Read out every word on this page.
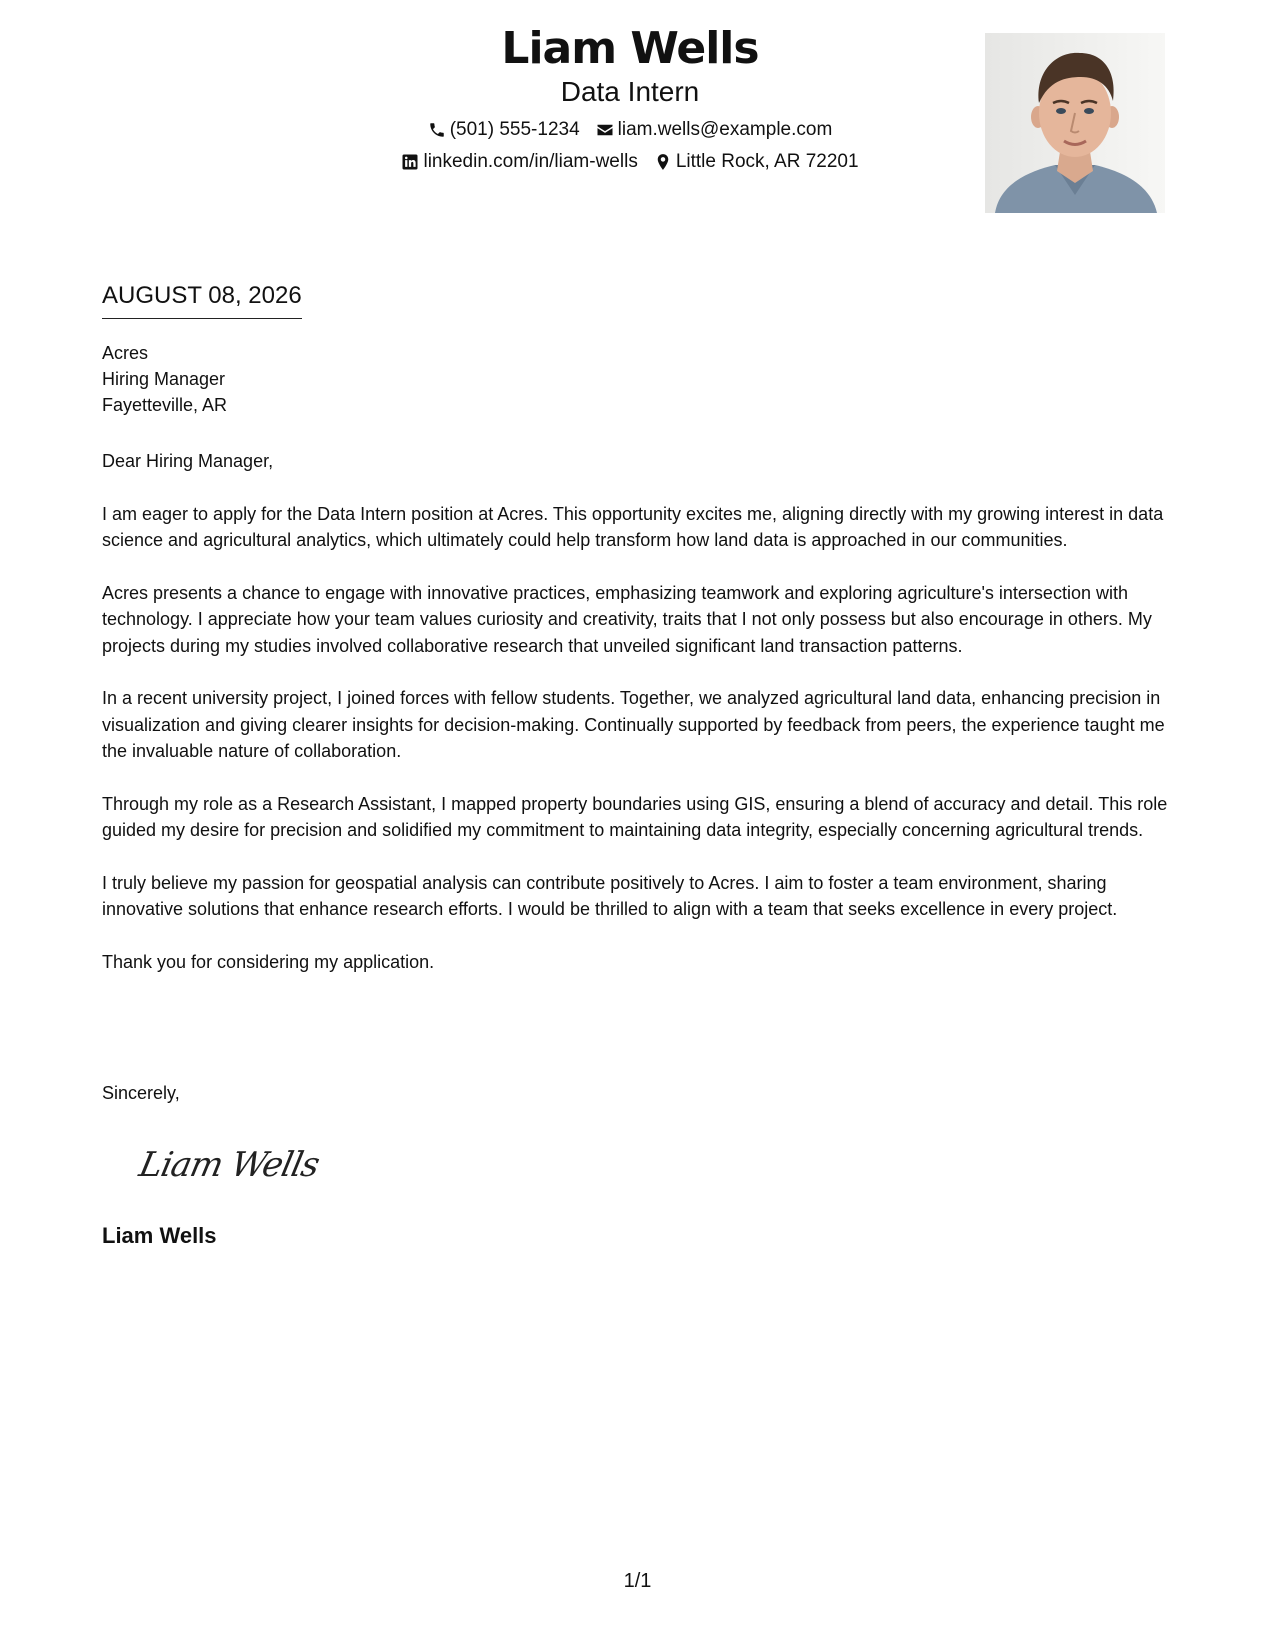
Liam Wells
Data Intern
(501) 555-1234 liam.wells@example.com
linkedin.com/in/liam-wells Little Rock, AR 72201
AUGUST 08, 2026
Acres
Hiring Manager
Fayetteville, AR

Dear Hiring Manager,

I am eager to apply for the Data Intern position at Acres. This opportunity excites me, aligning directly with my growing interest in data science and agricultural analytics, which ultimately could help transform how land data is approached in our communities.

Acres presents a chance to engage with innovative practices, emphasizing teamwork and exploring agriculture's intersection with technology. I appreciate how your team values curiosity and creativity, traits that I not only possess but also encourage in others. My projects during my studies involved collaborative research that unveiled significant land transaction patterns.

In a recent university project, I joined forces with fellow students. Together, we analyzed agricultural land data, enhancing precision in visualization and giving clearer insights for decision-making. Continually supported by feedback from peers, the experience taught me the invaluable nature of collaboration.

Through my role as a Research Assistant, I mapped property boundaries using GIS, ensuring a blend of accuracy and detail. This role guided my desire for precision and solidified my commitment to maintaining data integrity, especially concerning agricultural trends.

I truly believe my passion for geospatial analysis can contribute positively to Acres. I aim to foster a team environment, sharing innovative solutions that enhance research efforts. I would be thrilled to align with a team that seeks excellence in every project.

Thank you for considering my application.

Sincerely,
Liam Wells
Liam Wells
1/1
